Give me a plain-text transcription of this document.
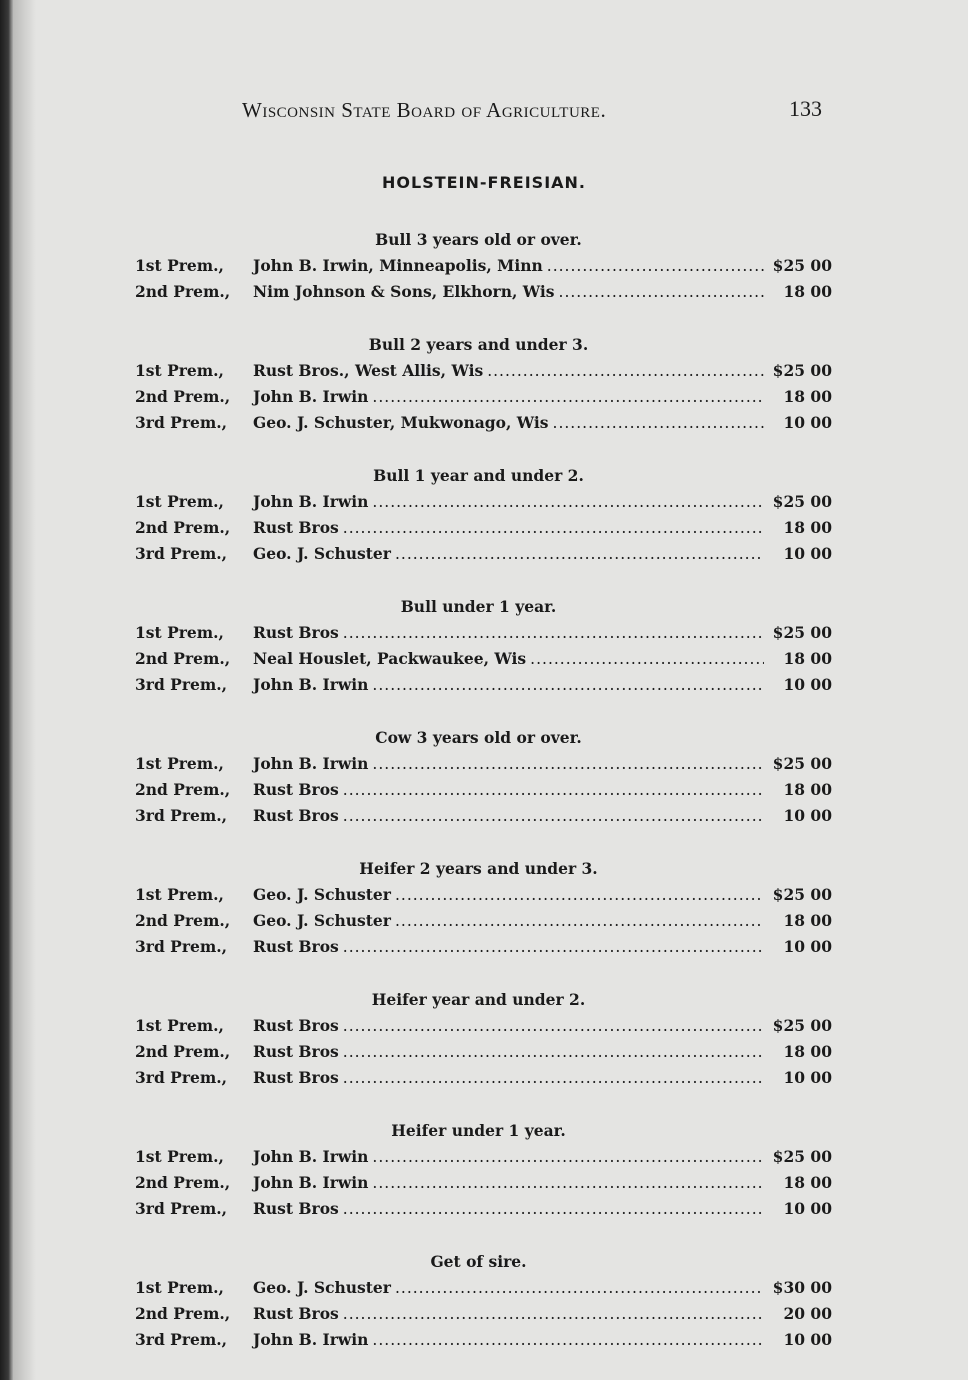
Wisconsin State Board of Agriculture.	133
HOLSTEIN-FREISIAN.
Bull 3 years old or over.
1st Prem.,	John B. Irwin, Minneapolis, Minn .....	$25 00
2nd Prem.,	Nim Johnson & Sons, Elkhorn, Wis .....	18 00
Bull 2 years and under 3.
1st Prem.,	Rust Bros., West Allis, Wis .....	$25 00
2nd Prem.,	John B. Irwin .....	18 00
3rd Prem.,	Geo. J. Schuster, Mukwonago, Wis .....	10 00
Bull 1 year and under 2.
1st Prem.,	John B. Irwin .....	$25 00
2nd Prem.,	Rust Bros .....	18 00
3rd Prem.,	Geo. J. Schuster .....	10 00
Bull under 1 year.
1st Prem.,	Rust Bros .....	$25 00
2nd Prem.,	Neal Houslet, Packwaukee, Wis .....	18 00
3rd Prem.,	John B. Irwin .....	10 00
Cow 3 years old or over.
1st Prem.,	John B. Irwin .....	$25 00
2nd Prem.,	Rust Bros .....	18 00
3rd Prem.,	Rust Bros .....	10 00
Heifer 2 years and under 3.
1st Prem.,	Geo. J. Schuster .....	$25 00
2nd Prem.,	Geo. J. Schuster .....	18 00
3rd Prem.,	Rust Bros .....	10 00
Heifer year and under 2.
1st Prem.,	Rust Bros .....	$25 00
2nd Prem.,	Rust Bros .....	18 00
3rd Prem.,	Rust Bros .....	10 00
Heifer under 1 year.
1st Prem.,	John B. Irwin .....	$25 00
2nd Prem.,	John B. Irwin .....	18 00
3rd Prem.,	Rust Bros .....	10 00
Get of sire.
1st Prem.,	Geo. J. Schuster .....	$30 00
2nd Prem.,	Rust Bros .....	20 00
3rd Prem.,	John B. Irwin .....	10 00
